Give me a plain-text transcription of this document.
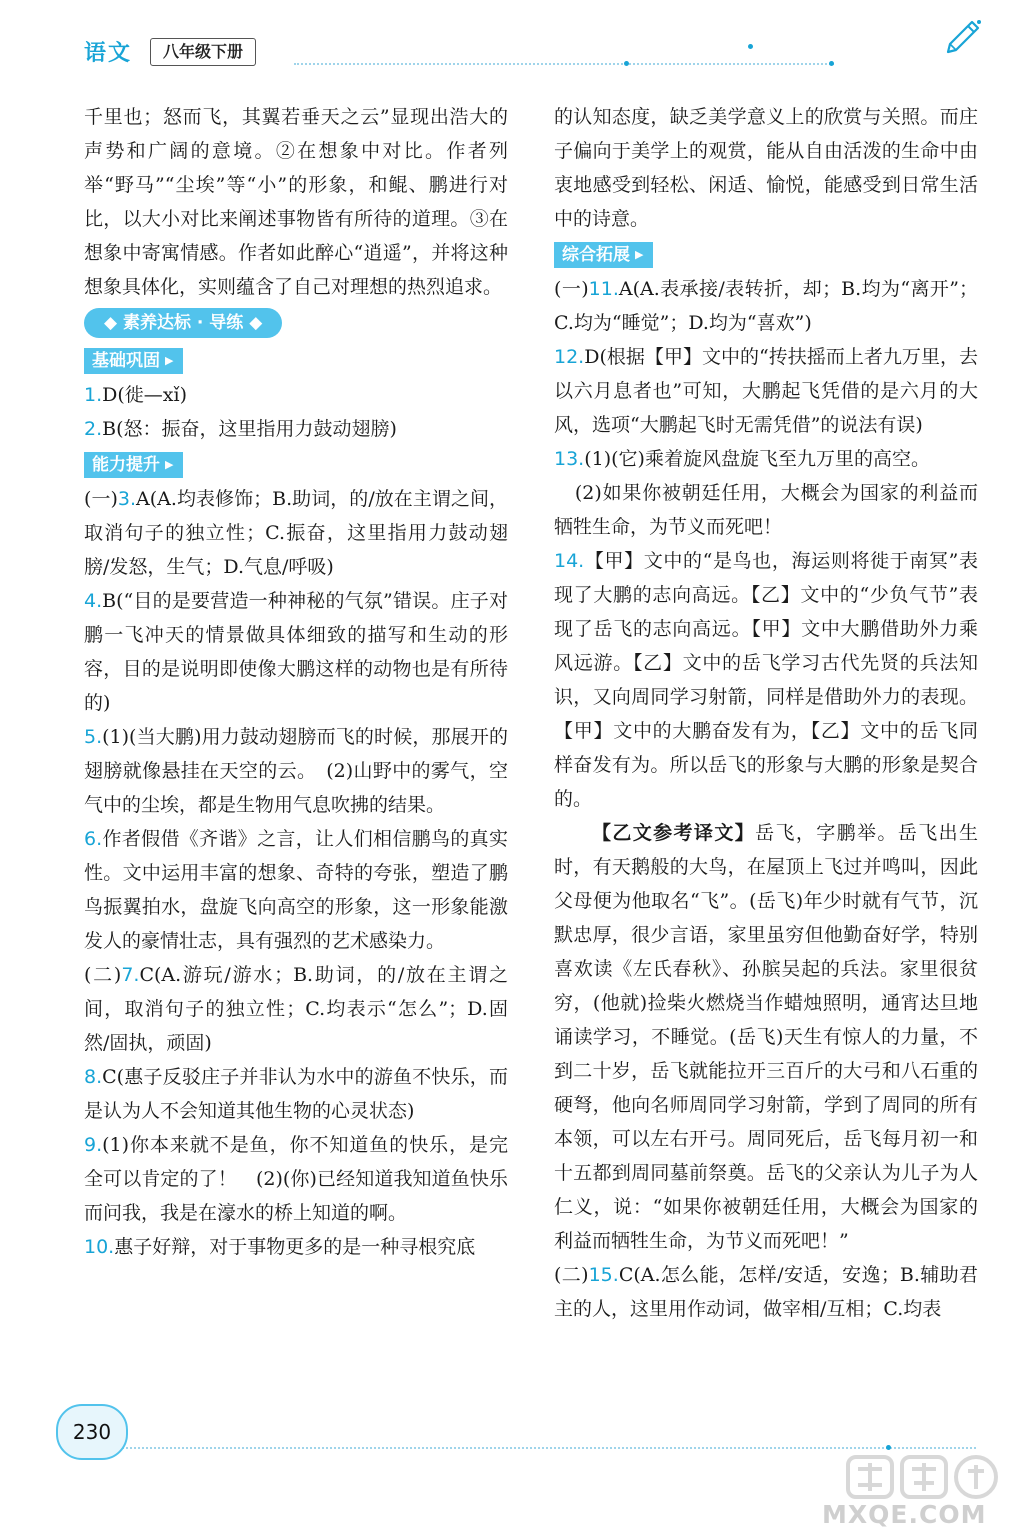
语文	八年级下册

千里也；怒而飞，其翼若垂天之云”显现出浩大的声势和广阔的意境。②在想象中对比。作者列举“野马”“尘埃”等“小”的形象，和鲲、鹏进行对比，以大小对比来阐述事物皆有所待的道理。③在想象中寄寓情感。作者如此醉心“逍遥”，并将这种想象具体化，实则蕴含了自己对理想的热烈追求。

◆ 素养达标 · 导练 ◆
基础巩固 ▶

1.D(徙—xǐ)

2.B(怒：振奋，这里指用力鼓动翅膀)

能力提升 ▶

(一)3.A(A.均表修饰；B.助词，的/放在主谓之间，取消句子的独立性；C.振奋，这里指用力鼓动翅膀/发怒，生气；D.气息/呼吸)

4.B(“目的是要营造一种神秘的气氛”错误。庄子对鹏一飞冲天的情景做具体细致的描写和生动的形容，目的是说明即使像大鹏这样的动物也是有所待的)

5.(1)(当大鹏)用力鼓动翅膀而飞的时候，那展开的翅膀就像悬挂在天空的云。　(2)山野中的雾气，空气中的尘埃，都是生物用气息吹拂的结果。

6.作者假借《齐谐》之言，让人们相信鹏鸟的真实性。文中运用丰富的想象、奇特的夸张，塑造了鹏鸟振翼拍水，盘旋飞向高空的形象，这一形象能激发人的豪情壮志，具有强烈的艺术感染力。

(二)7.C(A.游玩/游水；B.助词，的/放在主谓之间，取消句子的独立性；C.均表示“怎么”；D.固然/固执，顽固)

8.C(惠子反驳庄子并非认为水中的游鱼不快乐，而是认为人不会知道其他生物的心灵状态)

9.(1)你本来就不是鱼，你不知道鱼的快乐，是完全可以肯定的了！　(2)(你)已经知道我知道鱼快乐而问我，我是在濠水的桥上知道的啊。

10.惠子好辩，对于事物更多的是一种寻根究底

的认知态度，缺乏美学意义上的欣赏与关照。而庄子偏向于美学上的观赏，能从自由活泼的生命中由衷地感受到轻松、闲适、愉悦，能感受到日常生活中的诗意。

综合拓展 ▶

(一)11.A(A.表承接/表转折，却；B.均为“离开”；C.均为“睡觉”；D.均为“喜欢”)

12.D(根据【甲】文中的“抟扶摇而上者九万里，去以六月息者也”可知，大鹏起飞凭借的是六月的大风，选项“大鹏起飞时无需凭借”的说法有误)

13.(1)(它)乘着旋风盘旋飞至九万里的高空。

(2)如果你被朝廷任用，大概会为国家的利益而牺牲生命，为节义而死吧！

14.【甲】文中的“是鸟也，海运则将徙于南冥”表现了大鹏的志向高远。【乙】文中的“少负气节”表现了岳飞的志向高远。【甲】文中大鹏借助外力乘风远游。【乙】文中的岳飞学习古代先贤的兵法知识，又向周同学习射箭，同样是借助外力的表现。【甲】文中的大鹏奋发有为，【乙】文中的岳飞同样奋发有为。所以岳飞的形象与大鹏的形象是契合的。

【乙文参考译文】岳飞，字鹏举。岳飞出生时，有天鹅般的大鸟，在屋顶上飞过并鸣叫，因此父母便为他取名“飞”。(岳飞)年少时就有气节，沉默忠厚，很少言语，家里虽穷但他勤奋好学，特别喜欢读《左氏春秋》、孙膑吴起的兵法。家里很贫穷，(他就)捡柴火燃烧当作蜡烛照明，通宵达旦地诵读学习，不睡觉。(岳飞)天生有惊人的力量，不到二十岁，岳飞就能拉开三百斤的大弓和八石重的硬弩，他向名师周同学习射箭，学到了周同的所有本领，可以左右开弓。周同死后，岳飞每月初一和十五都到周同墓前祭奠。岳飞的父亲认为儿子为人仁义，说：“如果你被朝廷任用，大概会为国家的利益而牺牲生命，为节义而死吧！”

(二)15.C(A.怎么能，怎样/安适，安逸；B.辅助君主的人，这里用作动词，做宰相/互相；C.均表

230
MXQE.COM
